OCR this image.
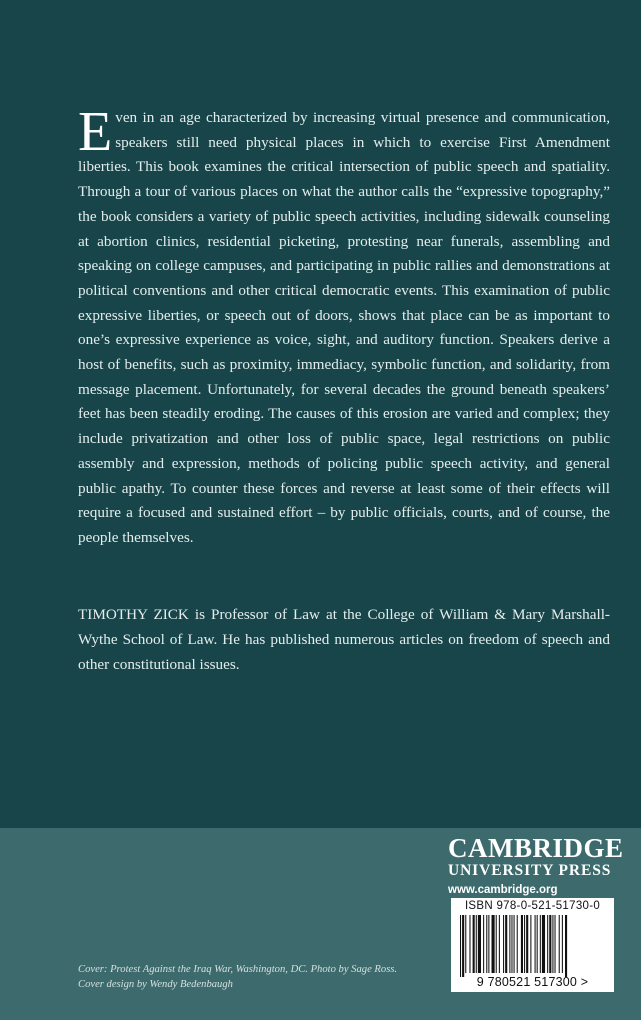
Even in an age characterized by increasing virtual presence and communication, speakers still need physical places in which to exercise First Amendment liberties. This book examines the critical intersection of public speech and spatiality. Through a tour of various places on what the author calls the “expressive topography,” the book considers a variety of public speech activities, including sidewalk counseling at abortion clinics, residential picketing, protesting near funerals, assembling and speaking on college campuses, and participating in public rallies and demonstrations at political conventions and other critical democratic events. This examination of public expressive liberties, or speech out of doors, shows that place can be as important to one’s expressive experience as voice, sight, and auditory function. Speakers derive a host of benefits, such as proximity, immediacy, symbolic function, and solidarity, from message placement. Unfortunately, for several decades the ground beneath speakers’ feet has been steadily eroding. The causes of this erosion are varied and complex; they include privatization and other loss of public space, legal restrictions on public assembly and expression, methods of policing public speech activity, and general public apathy. To counter these forces and reverse at least some of their effects will require a focused and sustained effort – by public officials, courts, and of course, the people themselves.

TIMOTHY ZICK is Professor of Law at the College of William & Mary Marshall-Wythe School of Law. He has published numerous articles on freedom of speech and other constitutional issues.

Cover: Protest Against the Iraq War, Washington, DC. Photo by Sage Ross.
Cover design by Wendy Bedenbaugh
CAMBRIDGE
UNIVERSITY PRESS
www.cambridge.org
ISBN 978-0-521-51730-0
9 780521 517300 >
